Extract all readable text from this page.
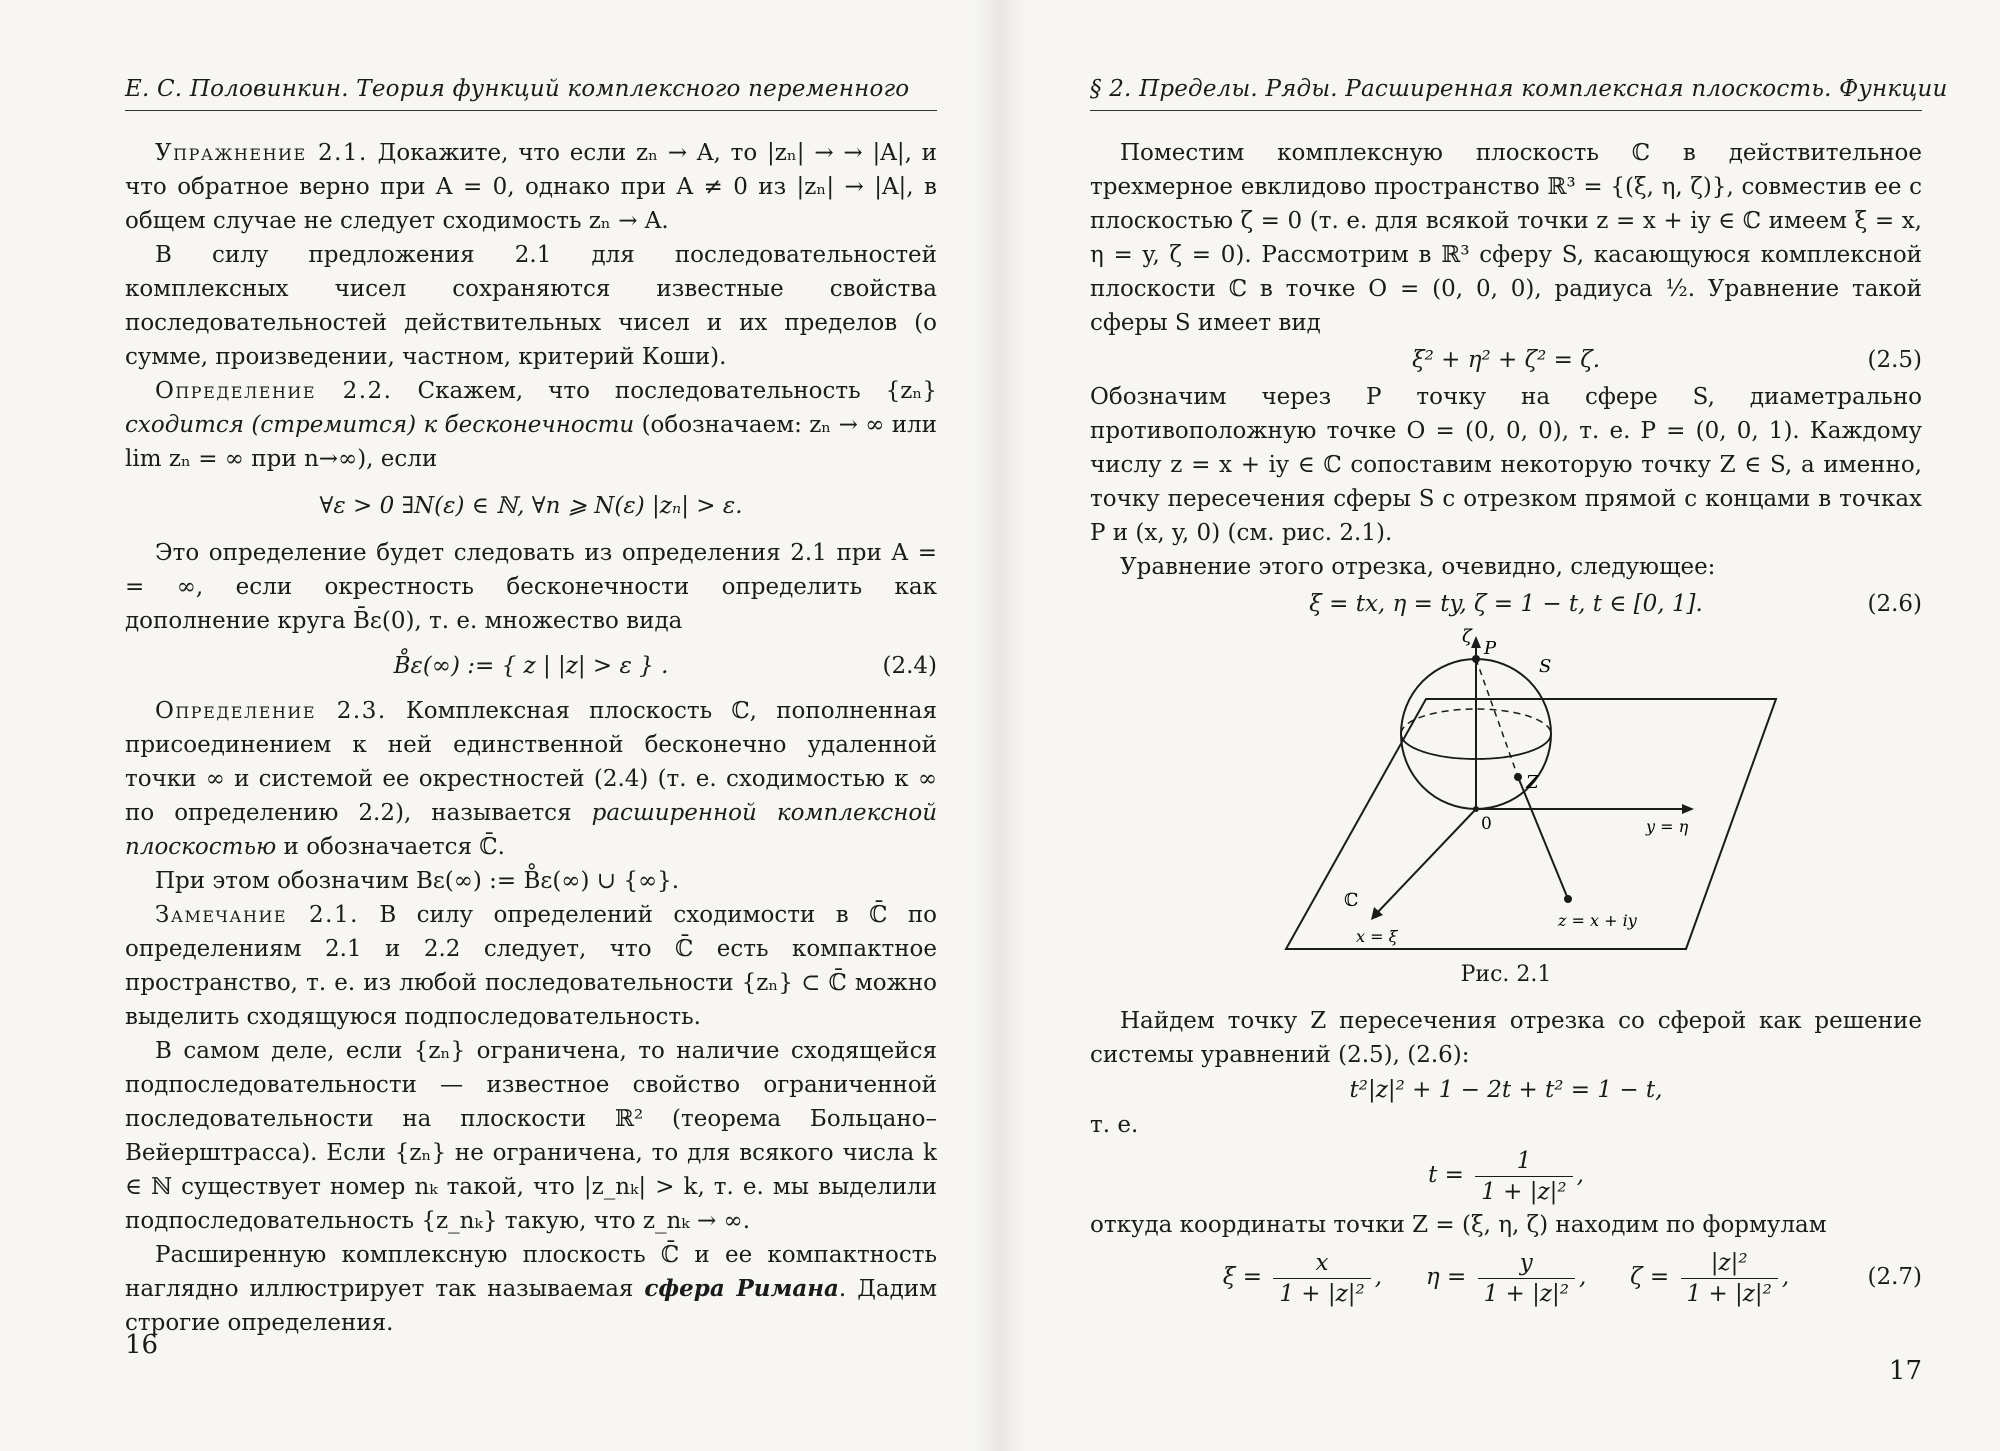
Е. С. Половинкин. Теория функций комплексного переменного

Упражнение 2.1. Докажите, что если zₙ → A, то |zₙ| → → |A|, и что обратное верно при A = 0, однако при A ≠ 0 из |zₙ| → |A|, в общем случае не следует сходимость zₙ → A.

В силу предложения 2.1 для последовательностей комплексных чисел сохраняются известные свойства последовательностей действительных чисел и их пределов (о сумме, произведении, частном, критерий Коши).

Определение 2.2. Скажем, что последовательность {zₙ} сходится (стремится) к бесконечности (обозначаем: zₙ → ∞ или lim zₙ = ∞ при n→∞), если

∀ε > 0 ∃N(ε) ∈ ℕ, ∀n ⩾ N(ε) |zₙ| > ε.

Это определение будет следовать из определения 2.1 при A = = ∞, если окрестность бесконечности определить как дополнение круга B̄ε(0), т. е. множество вида

B̊ε(∞) := { z | |z| > ε } .	(2.4)

Определение 2.3. Комплексная плоскость ℂ, пополненная присоединением к ней единственной бесконечно удаленной точки ∞ и системой ее окрестностей (2.4) (т. е. сходимостью к ∞ по определению 2.2), называется расширенной комплексной плоскостью и обозначается ℂ̄.

При этом обозначим Bε(∞) := B̊ε(∞) ∪ {∞}.

Замечание 2.1. В силу определений сходимости в ℂ̄ по определениям 2.1 и 2.2 следует, что ℂ̄ есть компактное пространство, т. е. из любой последовательности {zₙ} ⊂ ℂ̄ можно выделить сходящуюся подпоследовательность.

В самом деле, если {zₙ} ограничена, то наличие сходящейся подпоследовательности — известное свойство ограниченной последовательности на плоскости ℝ² (теорема Больцано–Вейерштрасса). Если {zₙ} не ограничена, то для всякого числа k ∈ ℕ существует номер nₖ такой, что |z_nₖ| > k, т. е. мы выделили подпоследовательность {z_nₖ} такую, что z_nₖ → ∞.

Расширенную комплексную плоскость ℂ̄ и ее компактность наглядно иллюстрирует так называемая сфера Римана. Дадим строгие определения.

16
§ 2. Пределы. Ряды. Расширенная комплексная плоскость. Функции

Поместим комплексную плоскость ℂ в действительное трехмерное евклидово пространство ℝ³ = {(ξ, η, ζ)}, совместив ее с плоскостью ζ = 0 (т. е. для всякой точки z = x + iy ∈ ℂ имеем ξ = x, η = y, ζ = 0). Рассмотрим в ℝ³ сферу S, касающуюся комплексной плоскости ℂ в точке O = (0, 0, 0), радиуса ½. Уравнение такой сферы S имеет вид

ξ² + η² + ζ² = ζ.	(2.5)

Обозначим через P точку на сфере S, диаметрально противоположную точке O = (0, 0, 0), т. е. P = (0, 0, 1). Каждому числу z = x + iy ∈ ℂ сопоставим некоторую точку Z ∈ S, а именно, точку пересечения сферы S с отрезком прямой с концами в точках P и (x, y, 0) (см. рис. 2.1).

Уравнение этого отрезка, очевидно, следующее:

ξ = tx, η = ty, ζ = 1 − t, t ∈ [0, 1].	(2.6)
ζ
P
S
Z
0	y = η
ℂ
x = ξ
z = x + iy

Рис. 2.1

Найдем точку Z пересечения отрезка со сферой как решение системы уравнений (2.5), (2.6):

t²|z|² + 1 − 2t + t² = 1 − t,

т. е.

$t = \frac{1}{\text{1 + |z|²}}$ ,

откуда координаты точки Z = (ξ, η, ζ) находим по формулам

$\xi = \frac{x}{\text{1 + |z|²}}$ ,      $\eta = \frac{y}{\text{1 + |z|²}}$ ,      $\zeta = \frac{\text{|z|²}}{\text{1 + |z|²}}$ ,	(2.7)
17
